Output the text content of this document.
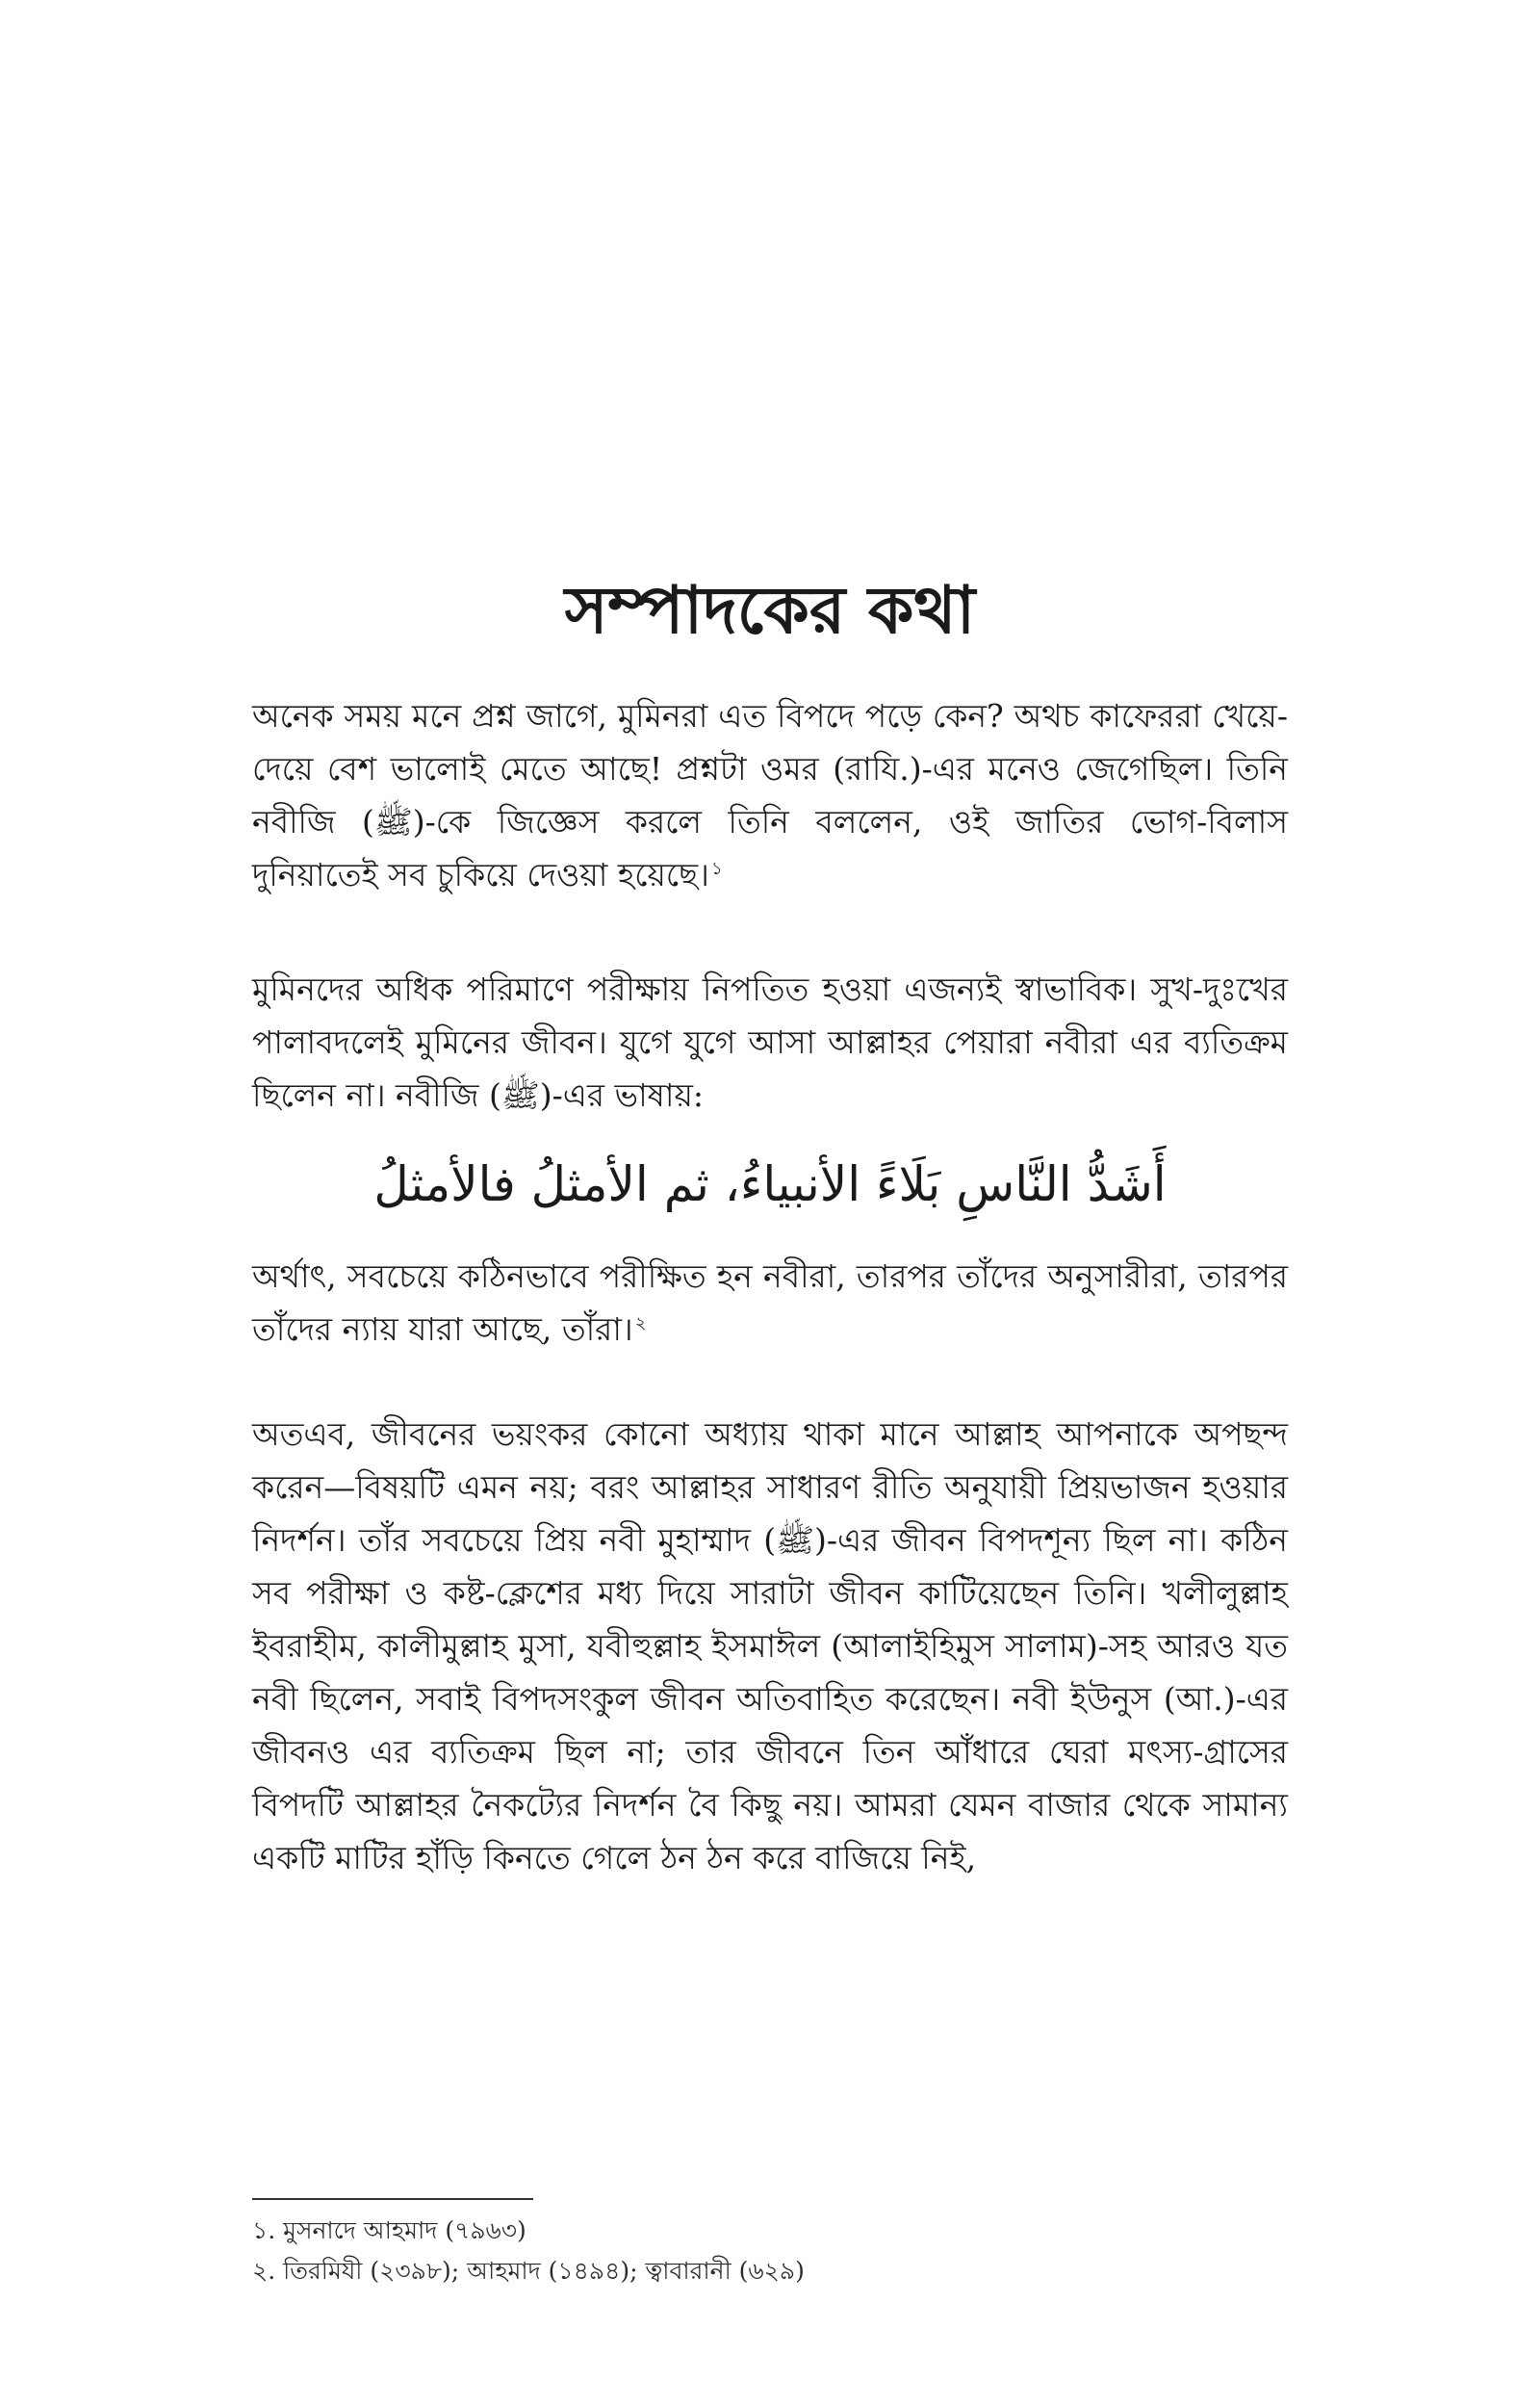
সম্পাদকের কথা

অনেক সময় মনে প্রশ্ন জাগে, মুমিনরা এত বিপদে পড়ে কেন? অথচ কাফেররা খেয়ে-দেয়ে বেশ ভালোই মেতে আছে! প্রশ্নটা ওমর (রাযি.)-এর মনেও জেগেছিল। তিনি নবীজি (ﷺ)-কে জিজ্ঞেস করলে তিনি বললেন, ওই জাতির ভোগ-বিলাস দুনিয়াতেই সব চুকিয়ে দেওয়া হয়েছে। $^১$

মুমিনদের অধিক পরিমাণে পরীক্ষায় নিপতিত হওয়া এজন্যই স্বাভাবিক। সুখ-দুঃখের পালাবদলেই মুমিনের জীবন। যুগে যুগে আসা আল্লাহর পেয়ারা নবীরা এর ব্যতিক্রম ছিলেন না। নবীজি (ﷺ)-এর ভাষায়:

أَشَدُّ النَّاسِ بَلَاءً الأنبياءُ، ثم الأمثلُ فالأمثلُ

অর্থাৎ, সবচেয়ে কঠিনভাবে পরীক্ষিত হন নবীরা, তারপর তাঁদের অনুসারীরা, তারপর তাঁদের ন্যায় যারা আছে, তাঁরা। $^২$

অতএব, জীবনের ভয়ংকর কোনো অধ্যায় থাকা মানে আল্লাহ আপনাকে অপছন্দ করেন—বিষয়টি এমন নয়; বরং আল্লাহর সাধারণ রীতি অনুযায়ী প্রিয়ভাজন হওয়ার নিদর্শন। তাঁর সবচেয়ে প্রিয় নবী মুহাম্মাদ (ﷺ)-এর জীবন বিপদশূন্য ছিল না। কঠিন সব পরীক্ষা ও কষ্ট-ক্লেশের মধ্য দিয়ে সারাটা জীবন কাটিয়েছেন তিনি। খলীলুল্লাহ ইবরাহীম, কালীমুল্লাহ মুসা, যবীহুল্লাহ ইসমাঈল (আলাইহিমুস সালাম)-সহ আরও যত নবী ছিলেন, সবাই বিপদসংকুল জীবন অতিবাহিত করেছেন। নবী ইউনুস (আ.)-এর জীবনও এর ব্যতিক্রম ছিল না; তার জীবনে তিন আঁধারে ঘেরা মৎস্য-গ্রাসের বিপদটি আল্লাহর নৈকট্যের নিদর্শন বৈ কিছু নয়। আমরা যেমন বাজার থেকে সামান্য একটি মাটির হাঁড়ি কিনতে গেলে ঠন ঠন করে বাজিয়ে নিই,

১. মুসনাদে আহমাদ (৭৯৬৩)

২. তিরমিযী (২৩৯৮); আহমাদ (১৪৯৪); ত্বাবারানী (৬২৯)
